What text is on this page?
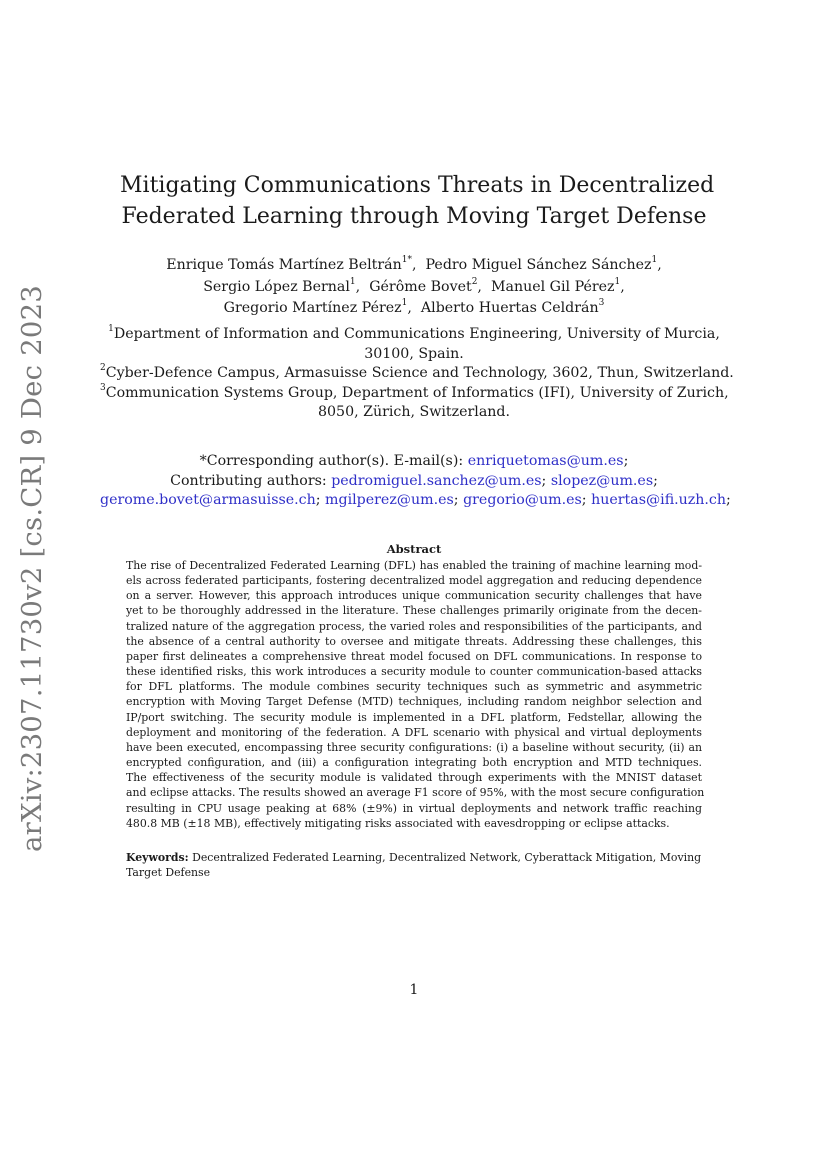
arXiv:2307.11730v2 [cs.CR] 9 Dec 2023
Mitigating Communications Threats in Decentralized
Federated Learning through Moving Target Defense
Enrique Tomás Martínez Beltrán$^{1*}$,  Pedro Miguel Sánchez Sánchez$^1$,
Sergio López Bernal$^1$,  Gérôme Bovet$^2$,  Manuel Gil Pérez$^1$,
Gregorio Martínez Pérez$^1$,  Alberto Huertas Celdrán$^3$
$^1$Department of Information and Communications Engineering, University of Murcia,
30100, Spain.
$^2$Cyber-Defence Campus, Armasuisse Science and Technology, 3602, Thun, Switzerland.
$^3$Communication Systems Group, Department of Informatics (IFI), University of Zurich,
8050, Zürich, Switzerland.
*Corresponding author(s). E-mail(s): enriquetomas@um.es;
Contributing authors: pedromiguel.sanchez@um.es; slopez@um.es;
gerome.bovet@armasuisse.ch; mgilperez@um.es; gregorio@um.es; huertas@ifi.uzh.ch;
Abstract
The rise of Decentralized Federated Learning (DFL) has enabled the training of machine learning mod-
els across federated participants, fostering decentralized model aggregation and reducing dependence
on a server. However, this approach introduces unique communication security challenges that have
yet to be thoroughly addressed in the literature. These challenges primarily originate from the decen-
tralized nature of the aggregation process, the varied roles and responsibilities of the participants, and
the absence of a central authority to oversee and mitigate threats. Addressing these challenges, this
paper first delineates a comprehensive threat model focused on DFL communications. In response to
these identified risks, this work introduces a security module to counter communication-based attacks
for DFL platforms. The module combines security techniques such as symmetric and asymmetric
encryption with Moving Target Defense (MTD) techniques, including random neighbor selection and
IP/port switching. The security module is implemented in a DFL platform, Fedstellar, allowing the
deployment and monitoring of the federation. A DFL scenario with physical and virtual deployments
have been executed, encompassing three security configurations: (i) a baseline without security, (ii) an
encrypted configuration, and (iii) a configuration integrating both encryption and MTD techniques.
The effectiveness of the security module is validated through experiments with the MNIST dataset
and eclipse attacks. The results showed an average F1 score of 95%, with the most secure configuration
resulting in CPU usage peaking at 68% (±9%) in virtual deployments and network traffic reaching
480.8 MB (±18 MB), effectively mitigating risks associated with eavesdropping or eclipse attacks.
Keywords: Decentralized Federated Learning, Decentralized Network, Cyberattack Mitigation, Moving
Target Defense
1
